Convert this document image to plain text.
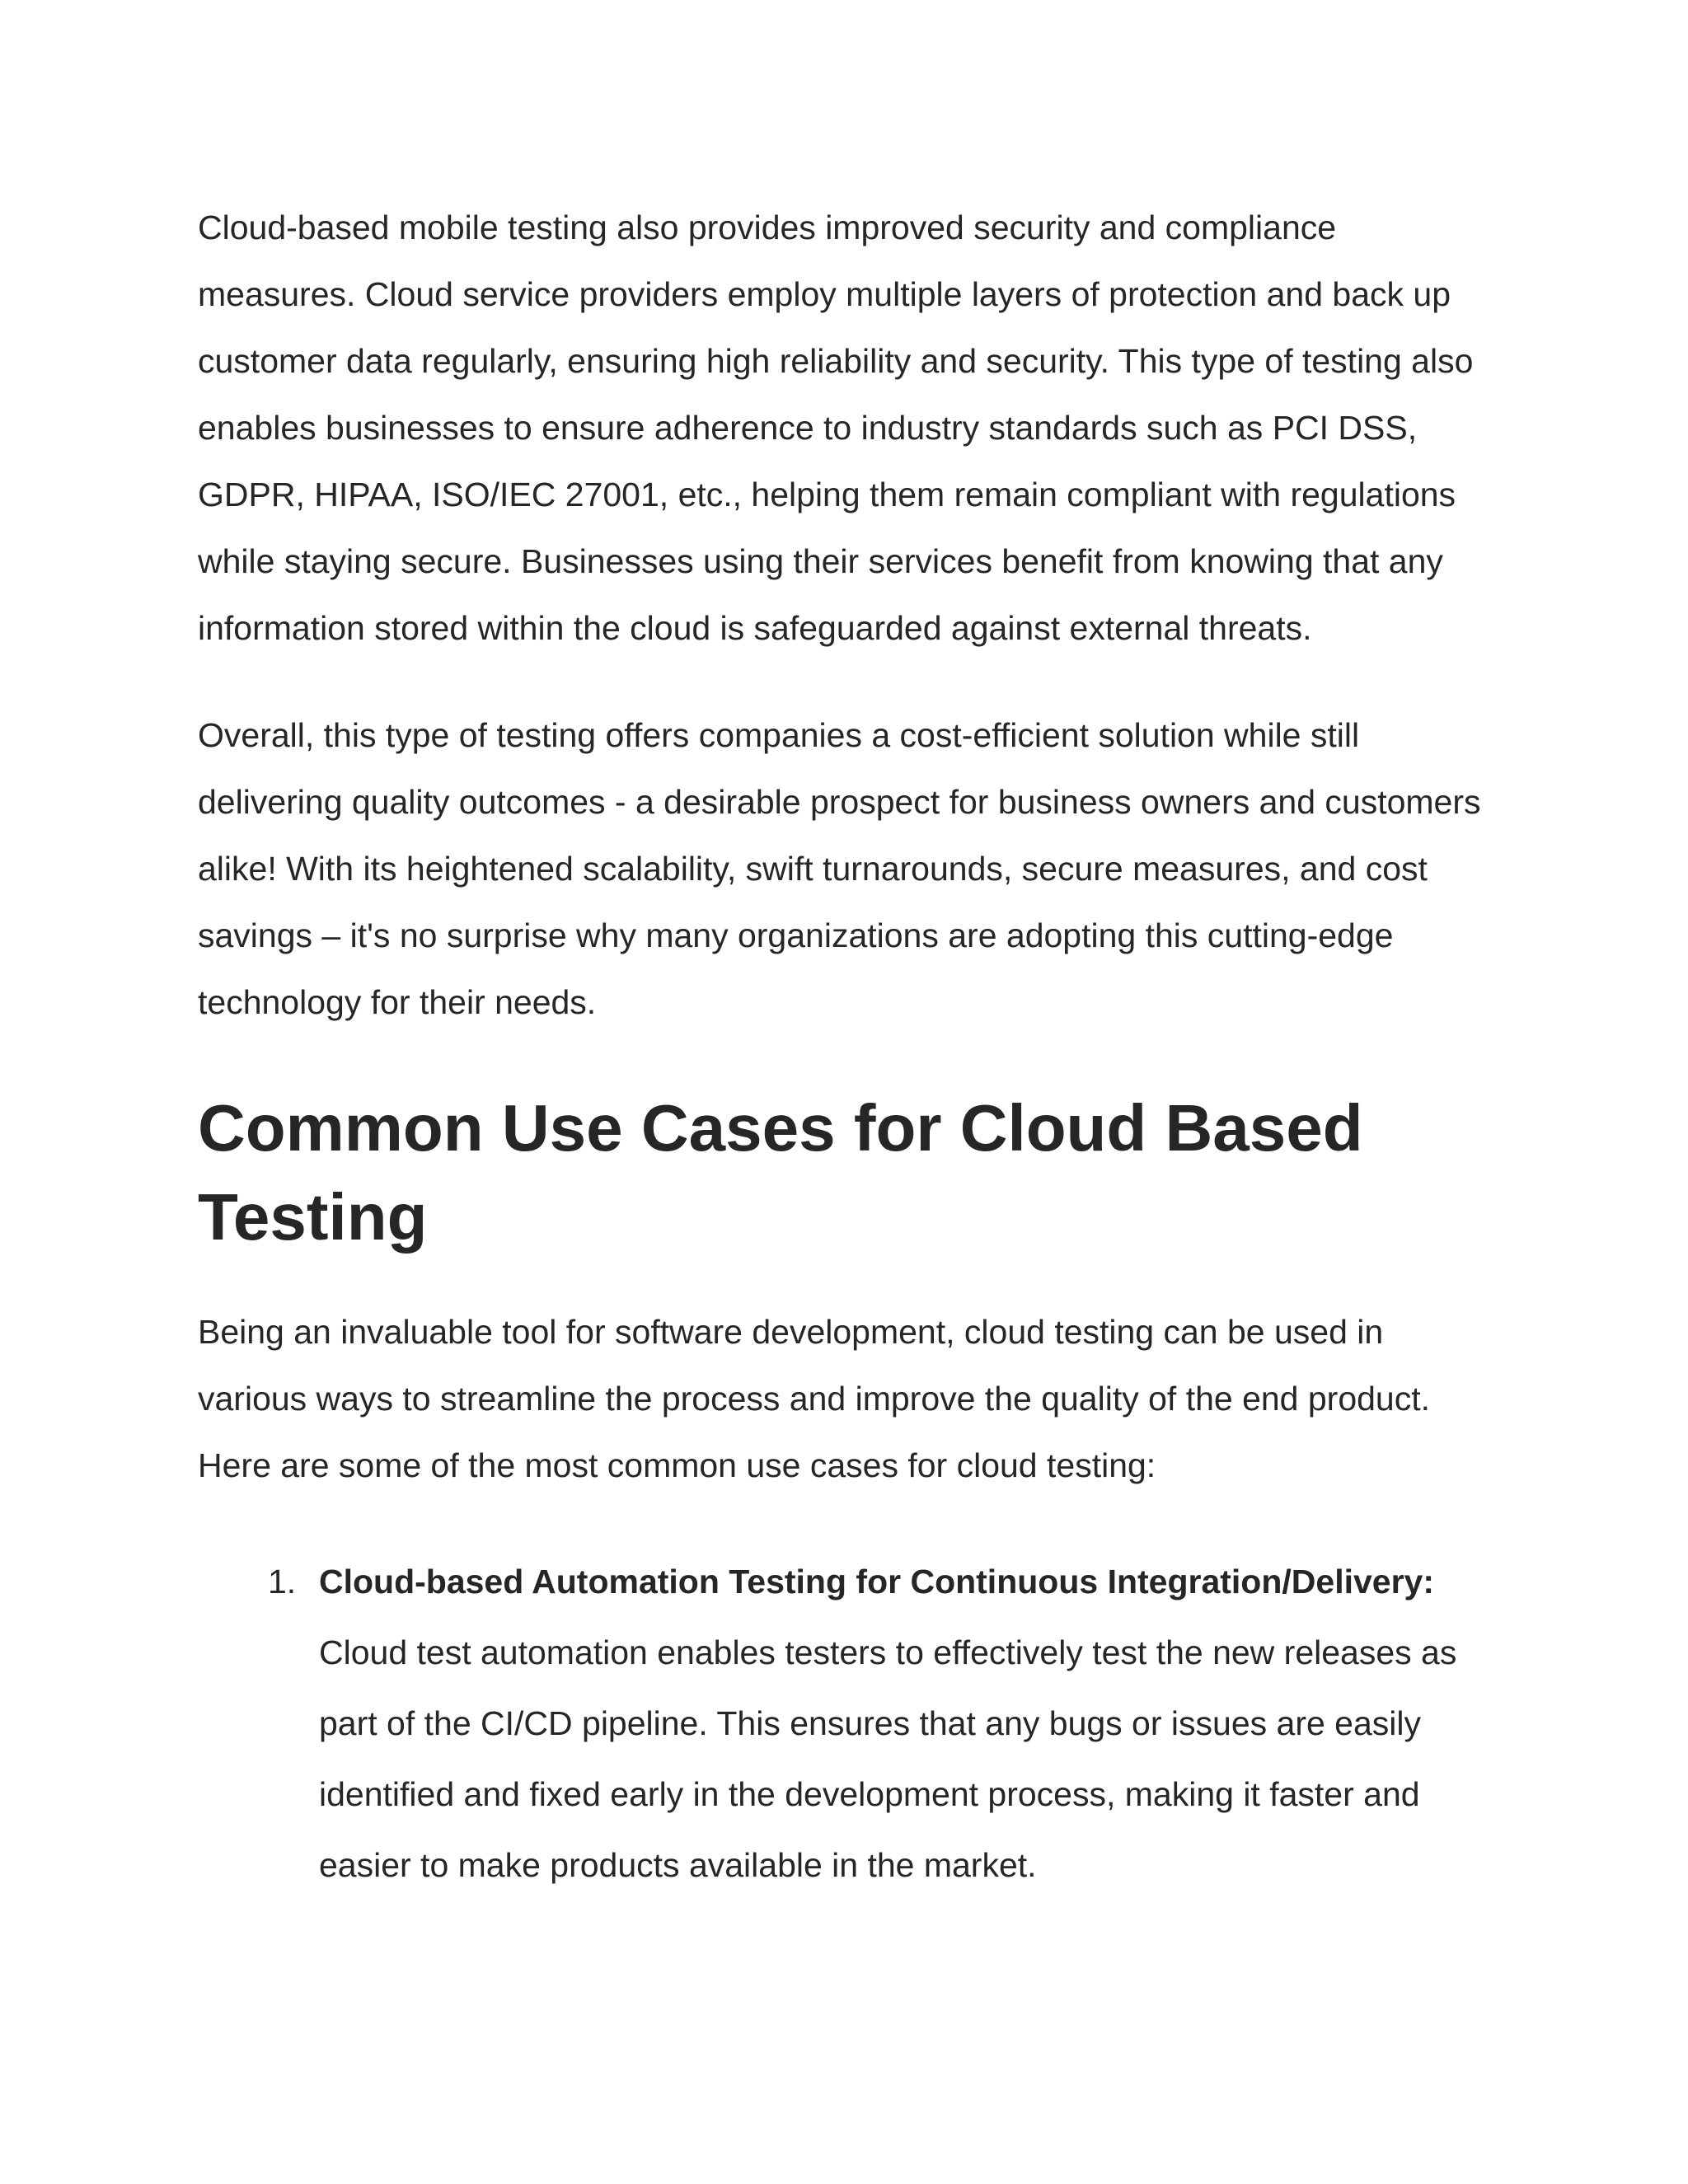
Cloud-based mobile testing also provides improved security and compliance measures. Cloud service providers employ multiple layers of protection and back up customer data regularly, ensuring high reliability and security. This type of testing also enables businesses to ensure adherence to industry standards such as PCI DSS, GDPR, HIPAA, ISO/IEC 27001, etc., helping them remain compliant with regulations while staying secure. Businesses using their services benefit from knowing that any information stored within the cloud is safeguarded against external threats.

Overall, this type of testing offers companies a cost-efficient solution while still delivering quality outcomes - a desirable prospect for business owners and customers alike! With its heightened scalability, swift turnarounds, secure measures, and cost savings – it's no surprise why many organizations are adopting this cutting-edge technology for their needs.

Common Use Cases for Cloud Based Testing

Being an invaluable tool for software development, cloud testing can be used in various ways to streamline the process and improve the quality of the end product. Here are some of the most common use cases for cloud testing:

1. Cloud-based Automation Testing for Continuous Integration/Delivery: Cloud test automation enables testers to effectively test the new releases as part of the CI/CD pipeline. This ensures that any bugs or issues are easily identified and fixed early in the development process, making it faster and easier to make products available in the market.
